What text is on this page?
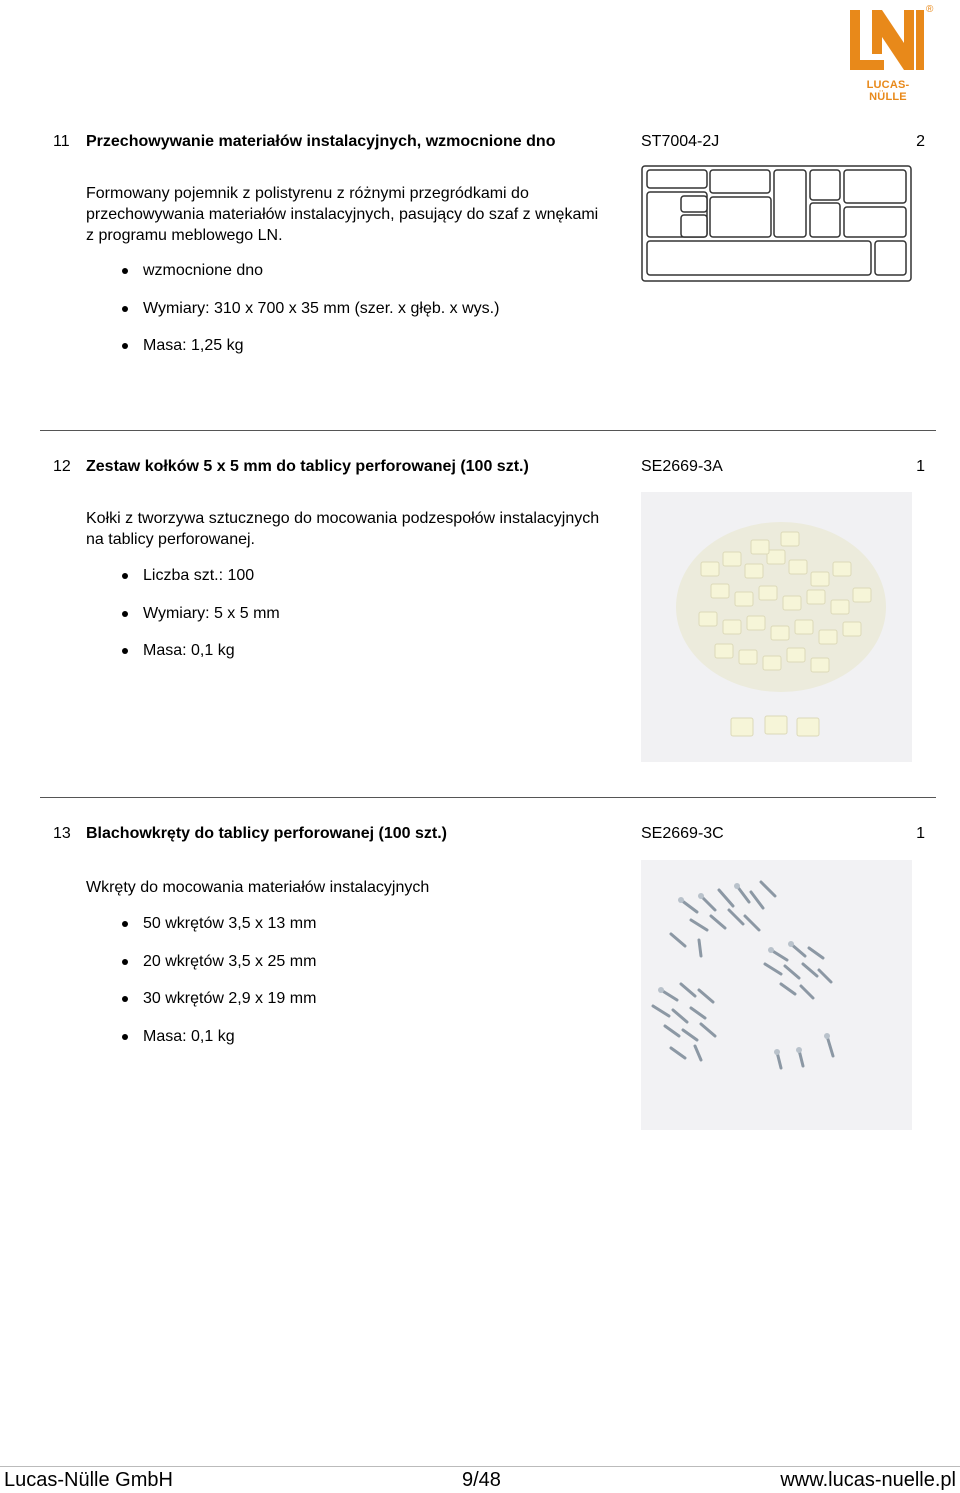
®
LUCAS-NÜLLE
11 Przechowywanie materiałów instalacyjnych, wzmocnione dno	ST7004-2J	2
Formowany pojemnik z polistyrenu z różnymi przegródkami do przechowywania materiałów instalacyjnych, pasujący do szaf z wnękami z programu meblowego LN.
wzmocnione dno
Wymiary: 310 x 700 x 35 mm (szer. x głęb. x wys.)
Masa: 1,25 kg
12 Zestaw kołków 5 x 5 mm do tablicy perforowanej (100 szt.)	SE2669-3A	1
Kołki z tworzywa sztucznego do mocowania podzespołów instalacyjnych na tablicy perforowanej.
Liczba szt.: 100
Wymiary: 5 x 5 mm
Masa: 0,1 kg
13 Blachowkręty do tablicy perforowanej (100 szt.)	SE2669-3C	1
Wkręty do mocowania materiałów instalacyjnych
50 wkrętów 3,5 x 13 mm
20 wkrętów 3,5 x 25 mm
30 wkrętów 2,9 x 19 mm
Masa: 0,1 kg
Lucas-Nülle GmbH	9/48	www.lucas-nuelle.pl
